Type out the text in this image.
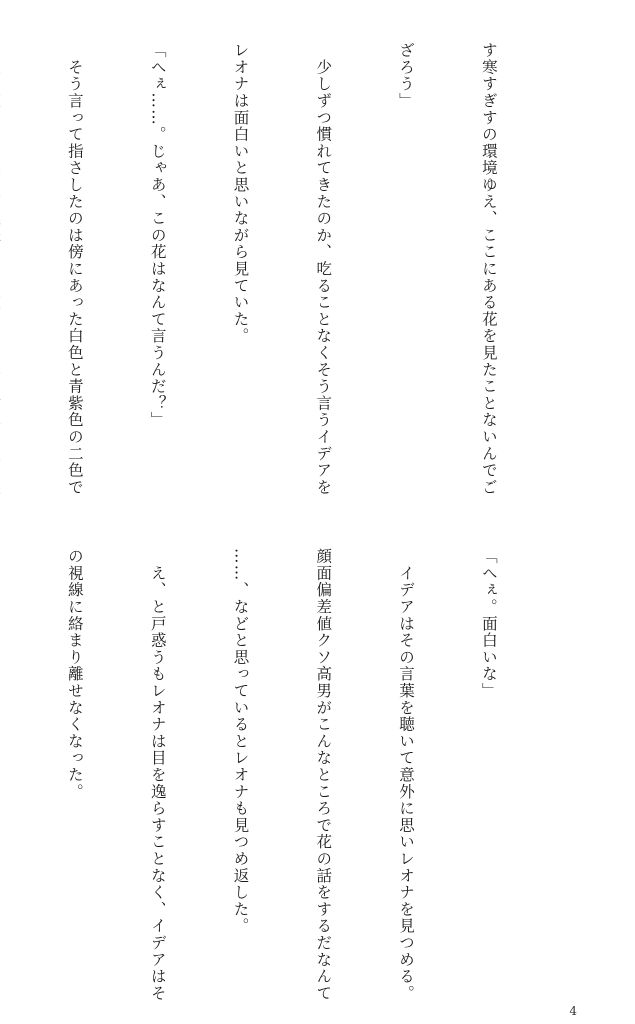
す寒すぎすの環境ゆえ、ここにある花を見たことないんでご

ざろう」

　少しずつ慣れてきたのか、吃ることなくそう言うイデアを

レオナは面白いと思いながら見ていた。

「へぇ……。じゃあ、この花はなんて言うんだ？」

　そう言って指さしたのは傍にあった白色と青紫色の二色で

「へぇ。面白いな」

　イデアはその言葉を聴いて意外に思いレオナを見つめる。

顔面偏差値クソ高男がこんなところで花の話をするだなんて

……、などと思っているとレオナも見つめ返した。

　え、と戸惑うもレオナは目を逸らすことなく、イデアはそ

の視線に絡まり離せなくなった。

4
